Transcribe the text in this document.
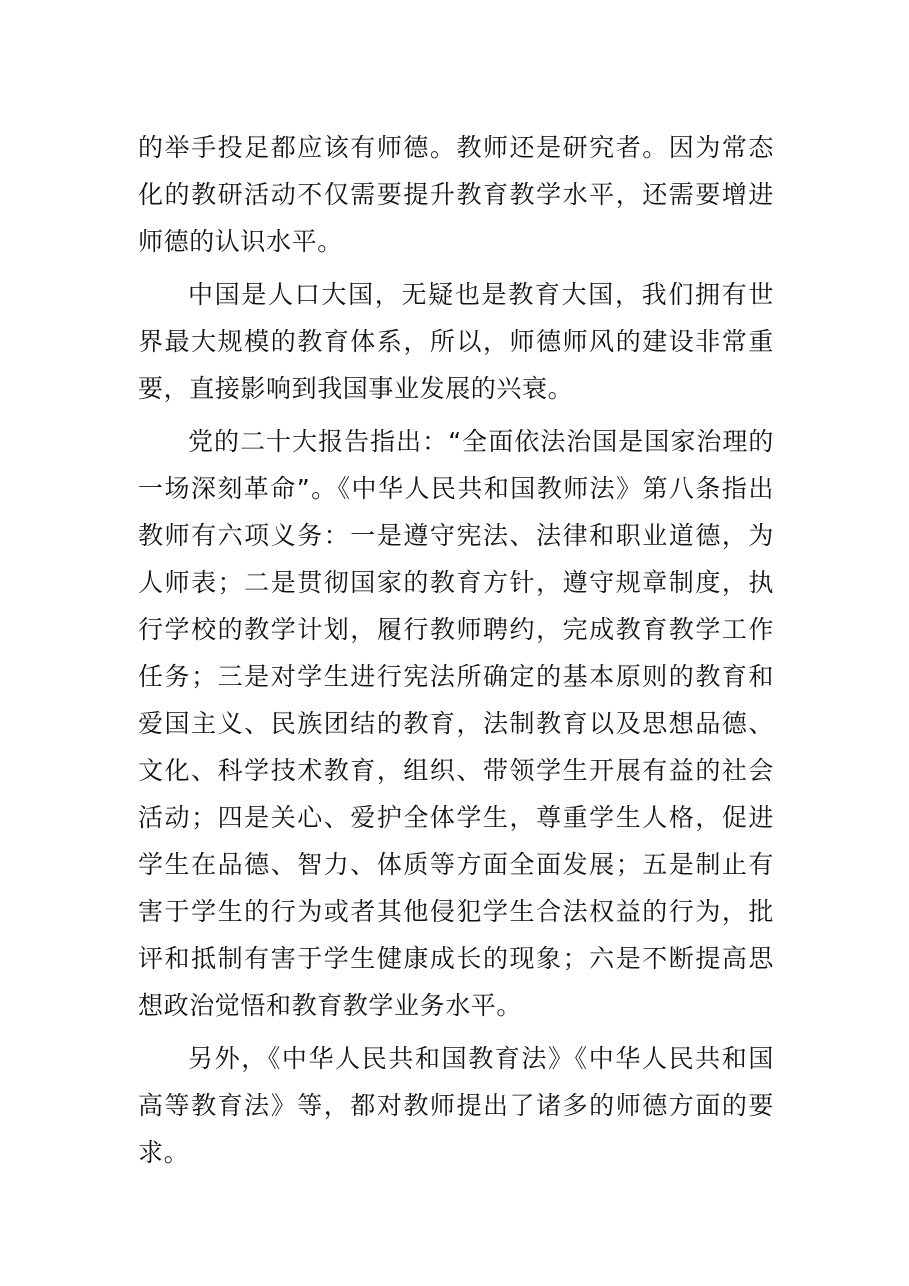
的举手投足都应该有师德。教师还是研究者。因为常态化的教研活动不仅需要提升教育教学水平，还需要增进师德的认识水平。

中国是人口大国，无疑也是教育大国，我们拥有世界最大规模的教育体系，所以，师德师风的建设非常重要，直接影响到我国事业发展的兴衰。

党的二十大报告指出：“全面依法治国是国家治理的一场深刻革命”。《中华人民共和国教师法》第八条指出教师有六项义务：一是遵守宪法、法律和职业道德，为人师表；二是贯彻国家的教育方针，遵守规章制度，执行学校的教学计划，履行教师聘约，完成教育教学工作任务；三是对学生进行宪法所确定的基本原则的教育和爱国主义、民族团结的教育，法制教育以及思想品德、文化、科学技术教育，组织、带领学生开展有益的社会活动；四是关心、爱护全体学生，尊重学生人格，促进学生在品德、智力、体质等方面全面发展；五是制止有害于学生的行为或者其他侵犯学生合法权益的行为，批评和抵制有害于学生健康成长的现象；六是不断提高思想政治觉悟和教育教学业务水平。

另外，《中华人民共和国教育法》《中华人民共和国高等教育法》等，都对教师提出了诸多的师德方面的要求。
